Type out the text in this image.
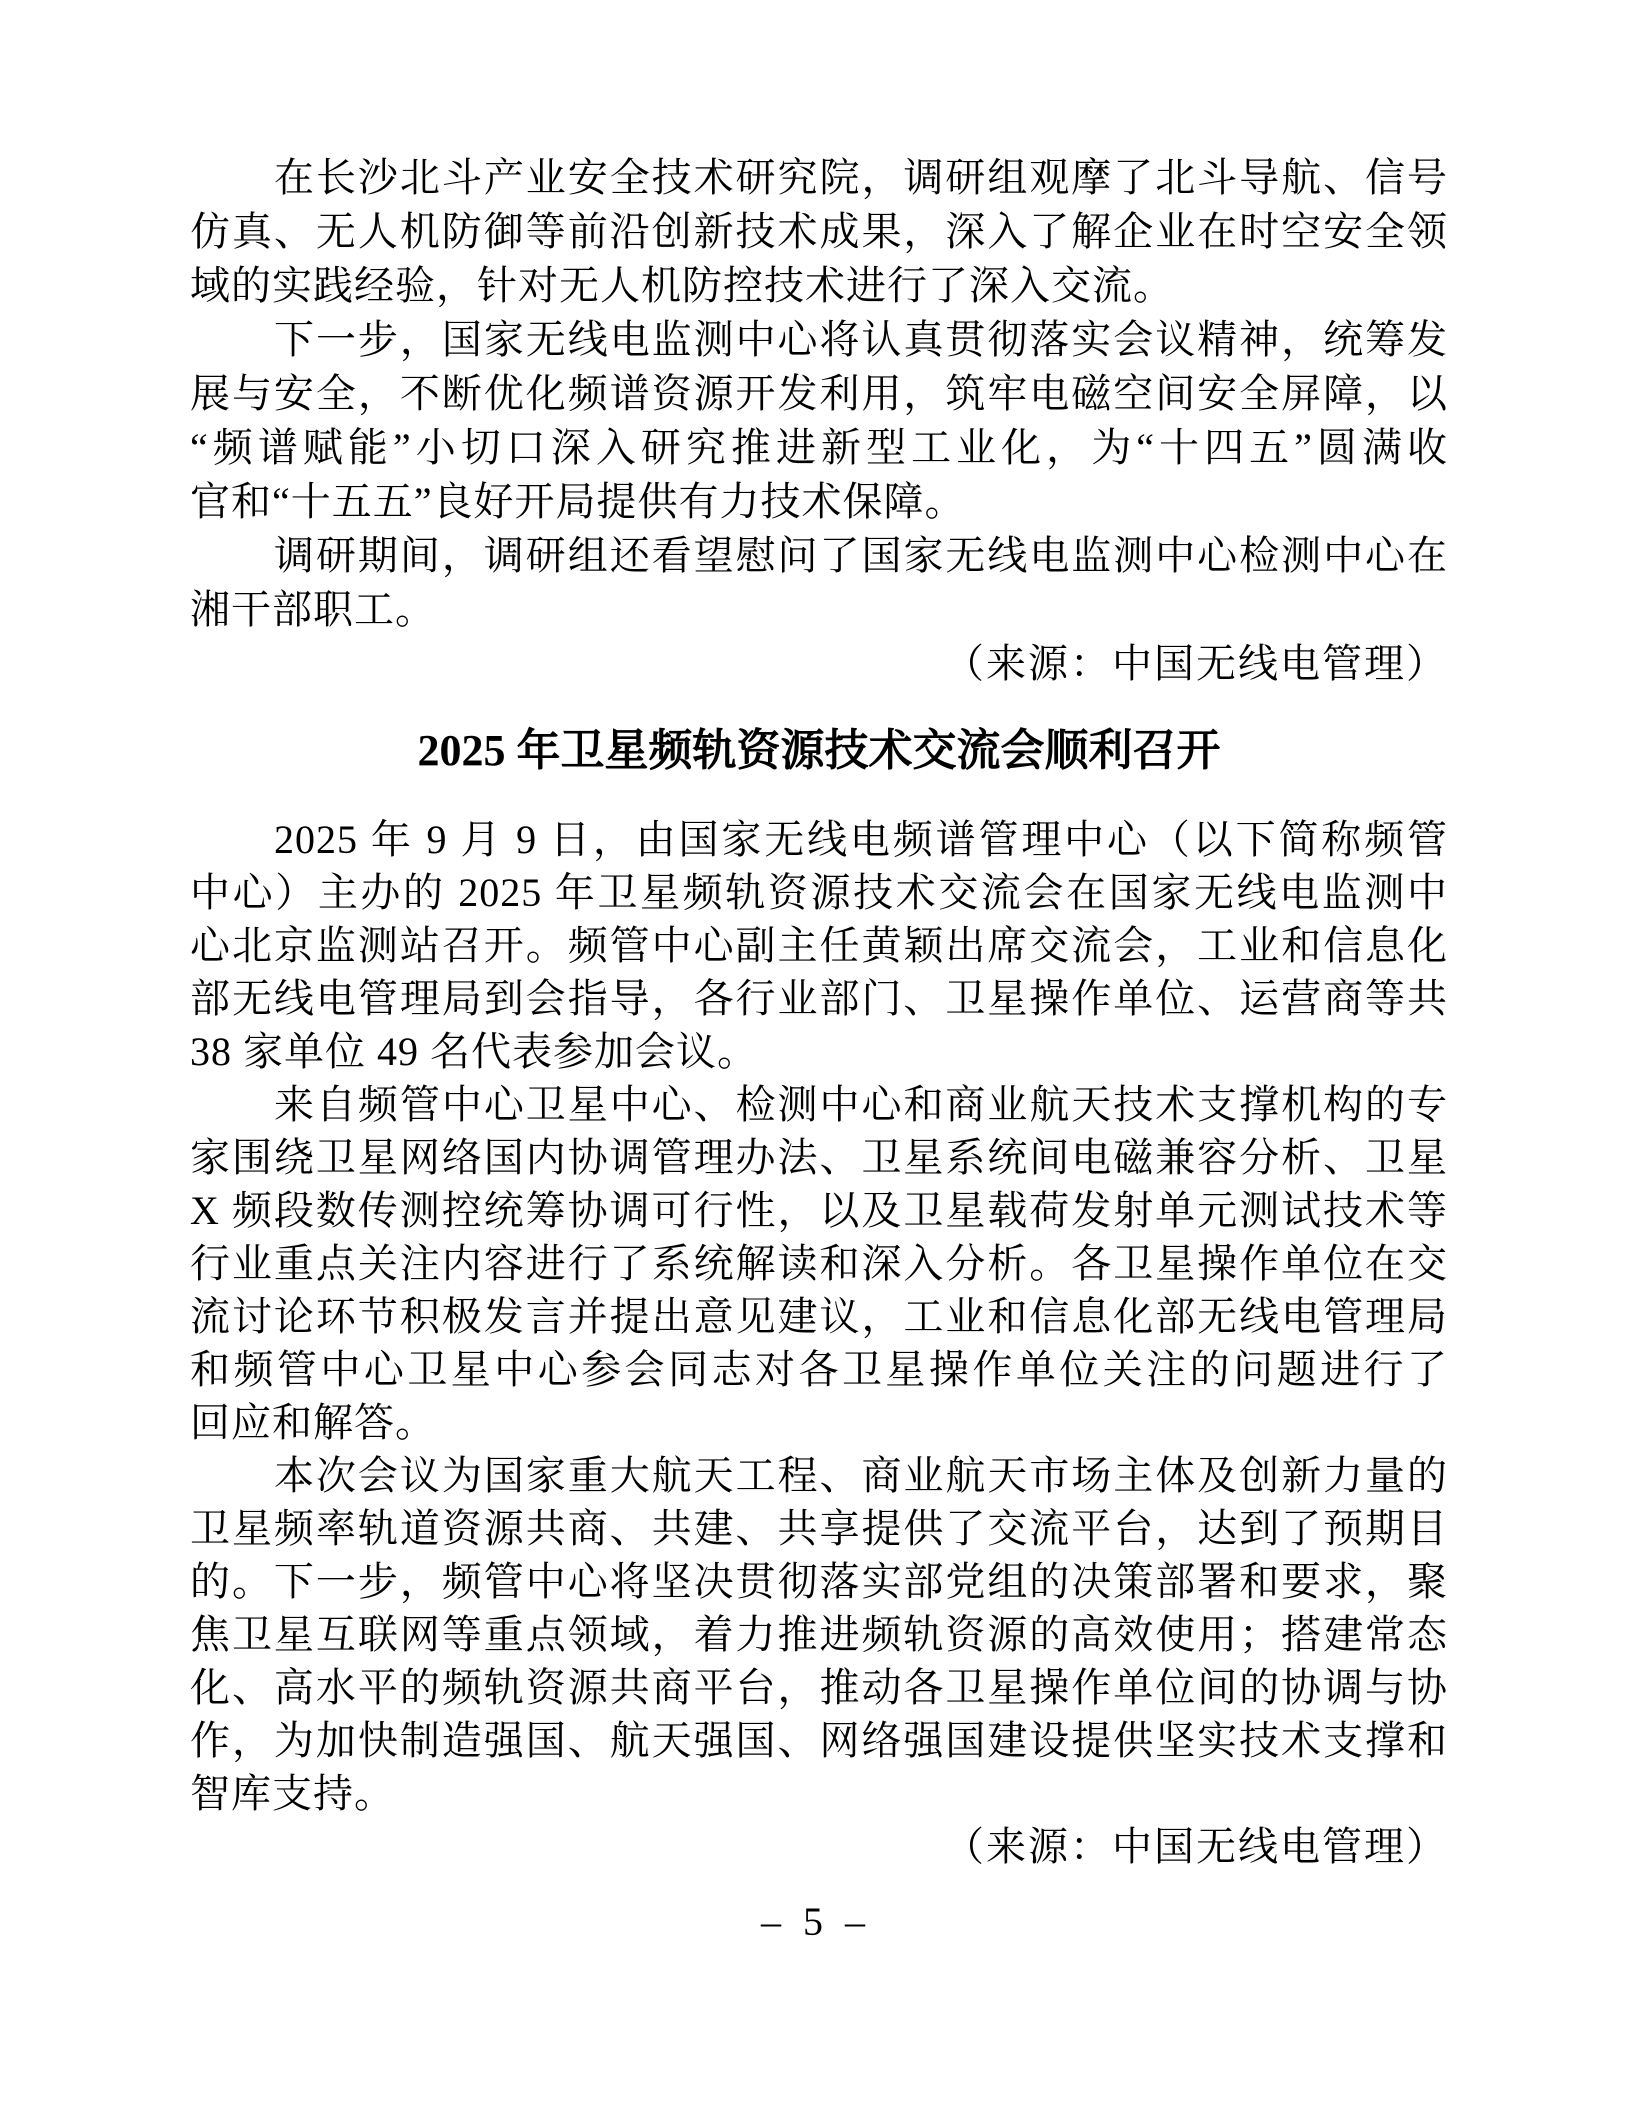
在长沙北斗产业安全技术研究院，调研组观摩了北斗导航、信号
仿真、无人机防御等前沿创新技术成果，深入了解企业在时空安全领
域的实践经验，针对无人机防控技术进行了深入交流。
下一步，国家无线电监测中心将认真贯彻落实会议精神，统筹发
展与安全，不断优化频谱资源开发利用，筑牢电磁空间安全屏障，以
“频谱赋能”小切口深入研究推进新型工业化，为“十四五”圆满收
官和“十五五”良好开局提供有力技术保障。
调研期间，调研组还看望慰问了国家无线电监测中心检测中心在
湘干部职工。
（来源：中国无线电管理）
2025 年卫星频轨资源技术交流会顺利召开
2025 年 9 月 9 日，由国家无线电频谱管理中心（以下简称频管
中心）主办的 2025 年卫星频轨资源技术交流会在国家无线电监测中
心北京监测站召开。频管中心副主任黄颖出席交流会，工业和信息化
部无线电管理局到会指导，各行业部门、卫星操作单位、运营商等共
38 家单位 49 名代表参加会议。
来自频管中心卫星中心、检测中心和商业航天技术支撑机构的专
家围绕卫星网络国内协调管理办法、卫星系统间电磁兼容分析、卫星
X 频段数传测控统筹协调可行性，以及卫星载荷发射单元测试技术等
行业重点关注内容进行了系统解读和深入分析。各卫星操作单位在交
流讨论环节积极发言并提出意见建议，工业和信息化部无线电管理局
和频管中心卫星中心参会同志对各卫星操作单位关注的问题进行了
回应和解答。
本次会议为国家重大航天工程、商业航天市场主体及创新力量的
卫星频率轨道资源共商、共建、共享提供了交流平台，达到了预期目
的。下一步，频管中心将坚决贯彻落实部党组的决策部署和要求，聚
焦卫星互联网等重点领域，着力推进频轨资源的高效使用；搭建常态
化、高水平的频轨资源共商平台，推动各卫星操作单位间的协调与协
作，为加快制造强国、航天强国、网络强国建设提供坚实技术支撑和
智库支持。
（来源：中国无线电管理）
– 5 –
